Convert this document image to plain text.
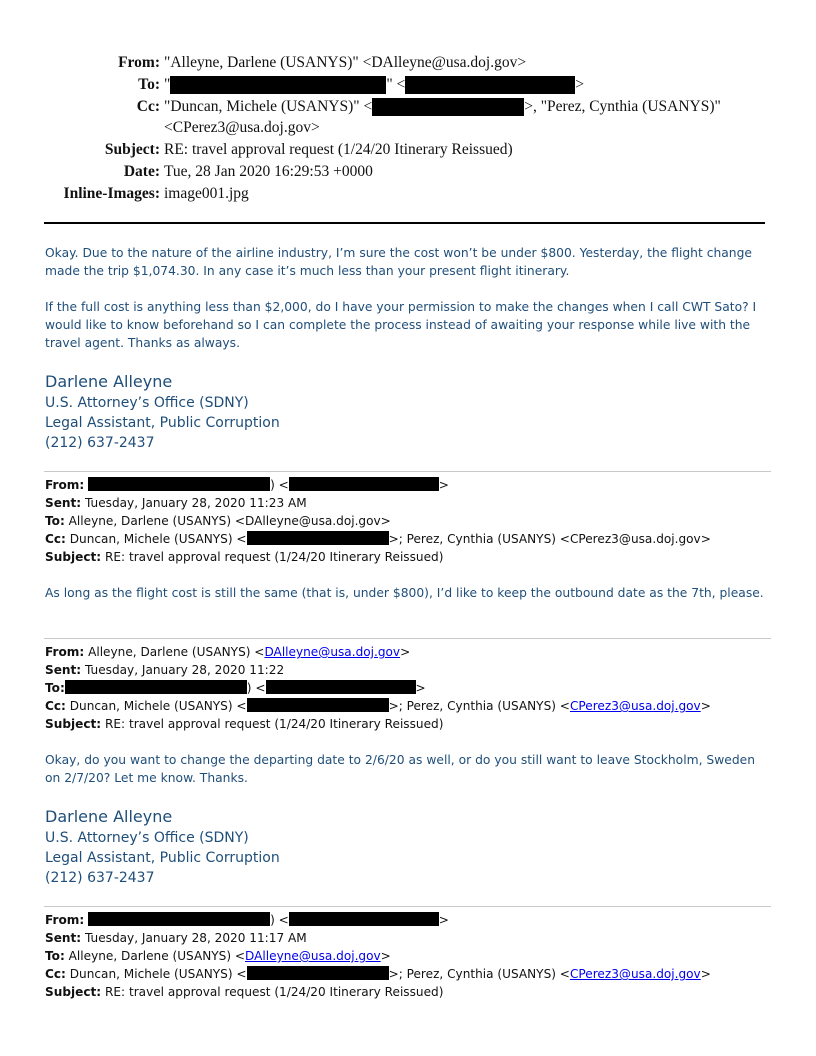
From: "Alleyne, Darlene (USANYS)" <DAlleyne@usa.doj.gov>
To: "	" <	>
Cc: "Duncan, Michele (USANYS)" <	>, "Perez, Cynthia (USANYS)"
<CPerez3@usa.doj.gov>
Subject: RE: travel approval request (1/24/20 Itinerary Reissued)
Date: Tue, 28 Jan 2020 16:29:53 +0000
Inline-Images: image001.jpg

Okay. Due to the nature of the airline industry, I’m sure the cost won’t be under $800. Yesterday, the flight change made the trip $1,074.30. In any case it’s much less than your present flight itinerary.

If the full cost is anything less than $2,000, do I have your permission to make the changes when I call CWT Sato? I would like to know beforehand so I can complete the process instead of awaiting your response while live with the travel agent. Thanks as always.

Darlene Alleyne
U.S. Attorney’s Office (SDNY)
Legal Assistant, Public Corruption
(212) 637-2437
From:	) <	>
Sent: Tuesday, January 28, 2020 11:23 AM
To: Alleyne, Darlene (USANYS) <DAlleyne@usa.doj.gov>
Cc: Duncan, Michele (USANYS) <	>; Perez, Cynthia (USANYS) <CPerez3@usa.doj.gov>
Subject: RE: travel approval request (1/24/20 Itinerary Reissued)

As long as the flight cost is still the same (that is, under $800), I’d like to keep the outbound date as the 7th, please.

From: Alleyne, Darlene (USANYS) <DAlleyne@usa.doj.gov>
Sent: Tuesday, January 28, 2020 11:22
To:	) <	>
Cc: Duncan, Michele (USANYS) <	>; Perez, Cynthia (USANYS) <CPerez3@usa.doj.gov>
Subject: RE: travel approval request (1/24/20 Itinerary Reissued)

Okay, do you want to change the departing date to 2/6/20 as well, or do you still want to leave Stockholm, Sweden on 2/7/20? Let me know. Thanks.

Darlene Alleyne
U.S. Attorney’s Office (SDNY)
Legal Assistant, Public Corruption
(212) 637-2437
From:	) <	>
Sent: Tuesday, January 28, 2020 11:17 AM
To: Alleyne, Darlene (USANYS) <DAlleyne@usa.doj.gov>
Cc: Duncan, Michele (USANYS) <	>; Perez, Cynthia (USANYS) <CPerez3@usa.doj.gov>
Subject: RE: travel approval request (1/24/20 Itinerary Reissued)
